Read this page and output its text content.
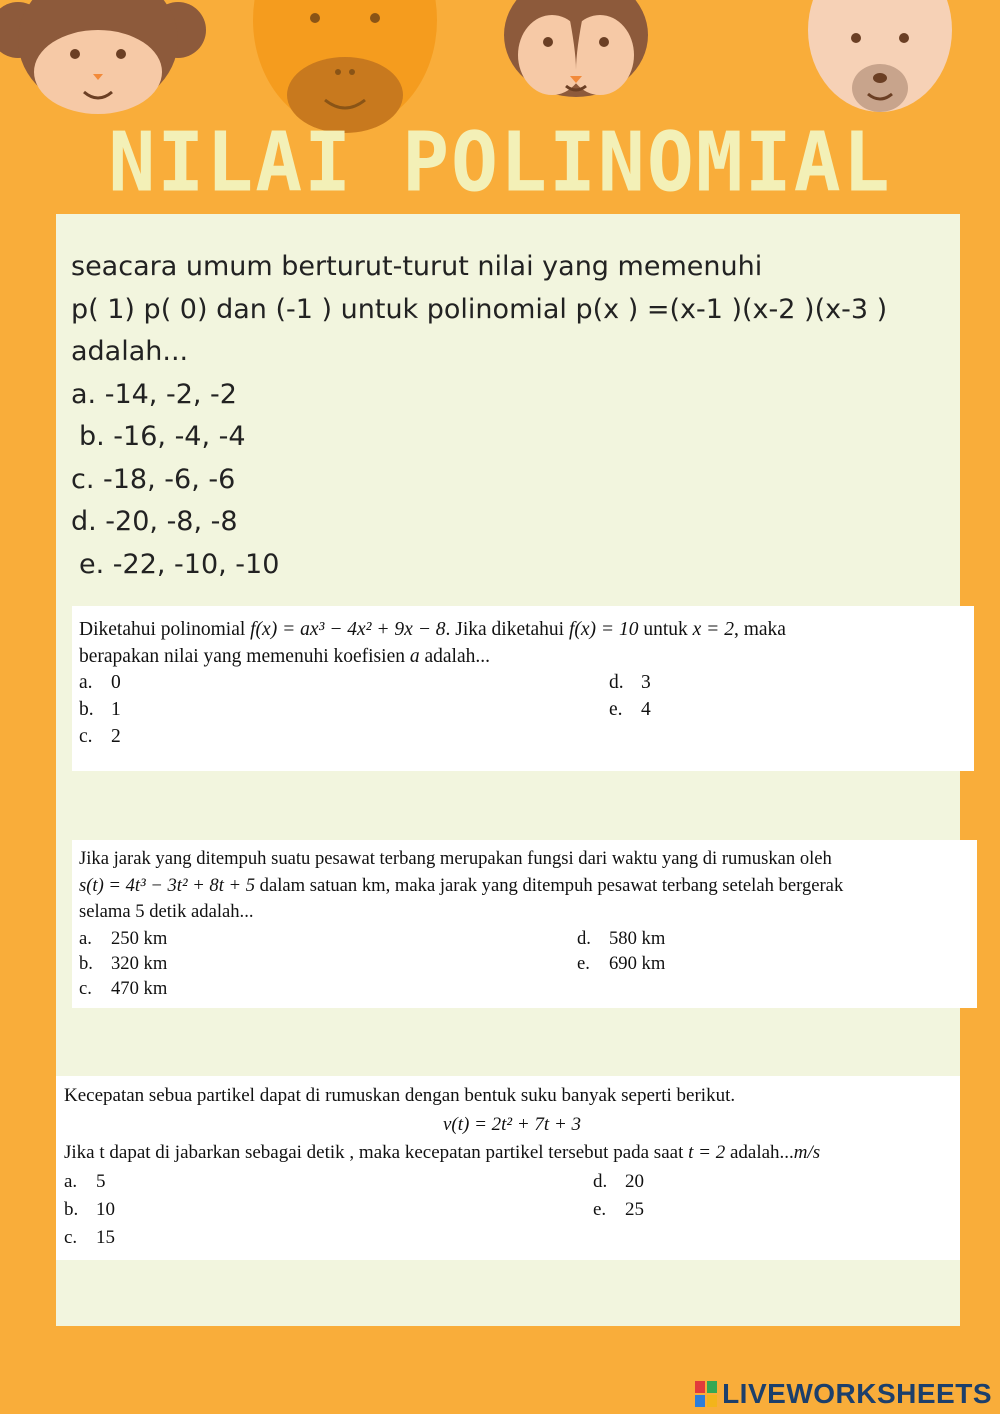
NILAI POLINOMIAL
seacara umum berturut-turut nilai yang memenuhi
p( 1) p( 0) dan (-1 ) untuk polinomial p(x ) =(x-1 )(x-2 )(x-3 )
adalah...
a. -14, -2, -2
b. -16, -4, -4
c. -18, -6, -6
d. -20, -8, -8
e. -22, -10, -10
Diketahui polinomial f(x) = ax³ − 4x² + 9x − 8. Jika diketahui f(x) = 10 untuk x = 2, maka
berapakan nilai yang memenuhi koefisien a adalah...
a. 0
b. 1
c. 2
d. 3
e. 4
Jika jarak yang ditempuh suatu pesawat terbang merupakan fungsi dari waktu yang di rumuskan oleh
s(t) = 4t³ − 3t² + 8t + 5 dalam satuan km, maka jarak yang ditempuh pesawat terbang setelah bergerak
selama 5 detik adalah...
a. 250 km
b. 320 km
c. 470 km
d. 580 km
e. 690 km
Kecepatan sebua partikel dapat di rumuskan dengan bentuk suku banyak seperti berikut.

v(t) = 2t² + 7t + 3
Jika t dapat di jabarkan sebagai detik , maka kecepatan partikel tersebut pada saat t = 2 adalah...m/s
a. 5
b. 10
c. 15
d. 20
e. 25
LIVEWORKSHEETS
